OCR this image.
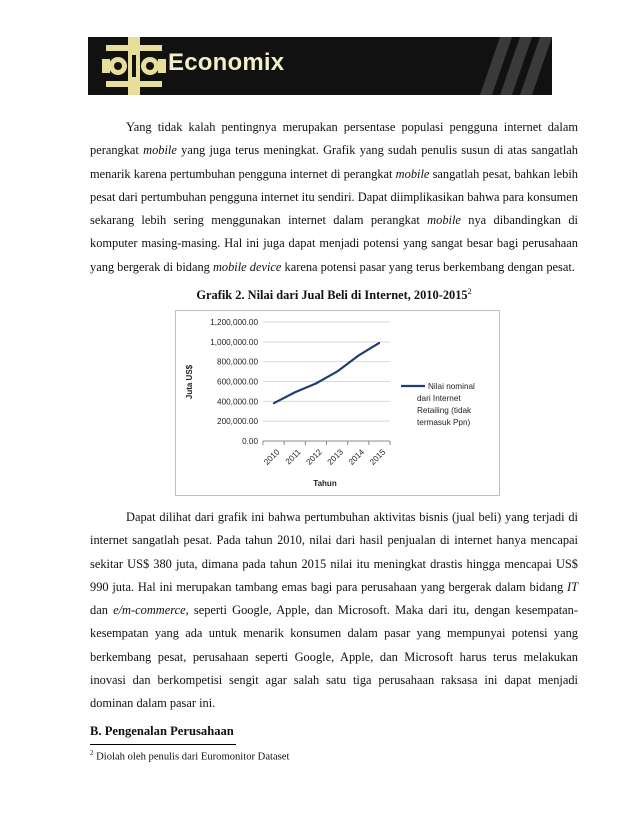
Economix

Yang tidak kalah pentingnya merupakan persentase populasi pengguna internet dalam perangkat mobile yang juga terus meningkat. Grafik yang sudah penulis susun di atas sangatlah menarik karena pertumbuhan pengguna internet di perangkat mobile sangatlah pesat, bahkan lebih pesat dari pertumbuhan pengguna internet itu sendiri. Dapat diimplikasikan bahwa para konsumen sekarang lebih sering menggunakan internet dalam perangkat mobile nya dibandingkan di komputer masing-masing. Hal ini juga dapat menjadi potensi yang sangat besar bagi perusahaan yang bergerak di bidang mobile device karena potensi pasar yang terus berkembang dengan pesat.

Grafik 2. Nilai dari Jual Beli di Internet, 2010-2015$^2$

0.00
200,000.00
400,000.00
600,000.00
800,000.00
1,000,000.00
1,200,000.00
2010 2011 2012 2013 2014 2015
Juta US$
Tahun
Nilai nominal dari Internet Retailing (tidak termasuk Ppn)

Dapat dilihat dari grafik ini bahwa pertumbuhan aktivitas bisnis (jual beli) yang terjadi di internet sangatlah pesat. Pada tahun 2010, nilai dari hasil penjualan di internet hanya mencapai sekitar US$ 380 juta, dimana pada tahun 2015 nilai itu meningkat drastis hingga mencapai US$ 990 juta. Hal ini merupakan tambang emas bagi para perusahaan yang bergerak dalam bidang IT dan e/m-commerce, seperti Google, Apple, dan Microsoft. Maka dari itu, dengan kesempatan-kesempatan yang ada untuk menarik konsumen dalam pasar yang mempunyai potensi yang berkembang pesat, perusahaan seperti Google, Apple, dan Microsoft harus terus melakukan inovasi dan berkompetisi sengit agar salah satu tiga perusahaan raksasa ini dapat menjadi dominan dalam pasar ini.

B. Pengenalan Perusahaan

$^2$ Diolah oleh penulis dari Euromonitor Dataset
